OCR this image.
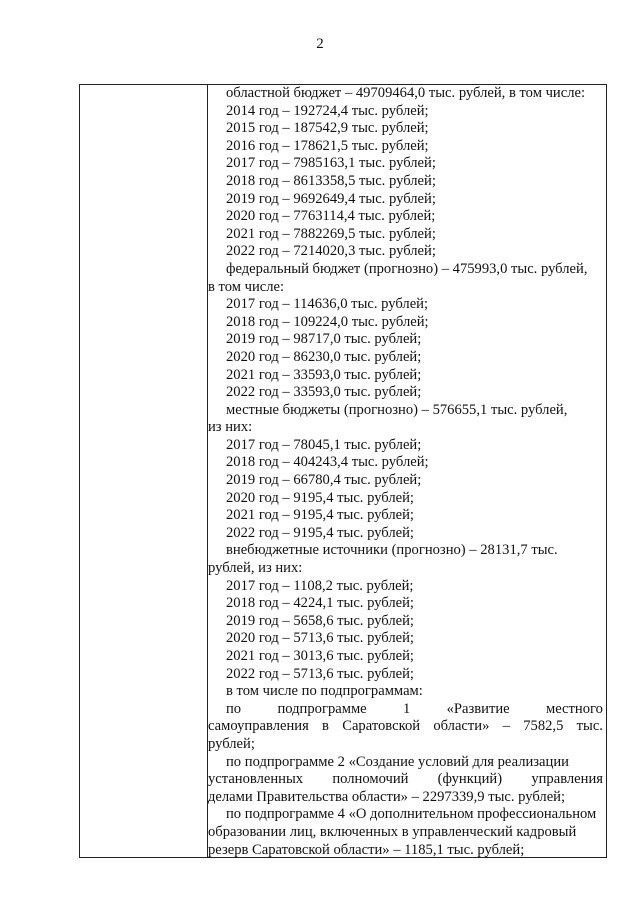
2

областной бюджет – 49709464,0 тыс. рублей, в том числе:

2014 год – 192724,4 тыс. рублей;

2015 год – 187542,9 тыс. рублей;

2016 год – 178621,5 тыс. рублей;

2017 год – 7985163,1 тыс. рублей;

2018 год – 8613358,5 тыс. рублей;

2019 год – 9692649,4 тыс. рублей;

2020 год – 7763114,4 тыс. рублей;

2021 год – 7882269,5 тыс. рублей;

2022 год – 7214020,3 тыс. рублей;

федеральный бюджет (прогнозно) – 475993,0 тыс. рублей,

в том числе:

2017 год – 114636,0 тыс. рублей;

2018 год – 109224,0 тыс. рублей;

2019 год – 98717,0 тыс. рублей;

2020 год – 86230,0 тыс. рублей;

2021 год – 33593,0 тыс. рублей;

2022 год – 33593,0 тыс. рублей;

местные бюджеты (прогнозно) – 576655,1 тыс. рублей,

из них:

2017 год – 78045,1 тыс. рублей;

2018 год – 404243,4 тыс. рублей;

2019 год – 66780,4 тыс. рублей;

2020 год – 9195,4 тыс. рублей;

2021 год – 9195,4 тыс. рублей;

2022 год – 9195,4 тыс. рублей;

внебюджетные источники (прогнозно) – 28131,7 тыс.

рублей, из них:

2017 год – 1108,2 тыс. рублей;

2018 год – 4224,1 тыс. рублей;

2019 год – 5658,6 тыс. рублей;

2020 год – 5713,6 тыс. рублей;

2021 год – 3013,6 тыс. рублей;

2022 год – 5713,6 тыс. рублей;

в том числе по подпрограммам:

по подпрограмме 1 «Развитие местного

самоуправления в Саратовской области» – 7582,5 тыс.

рублей;

по подпрограмме 2 «Создание условий для реализации

установленных полномочий (функций) управления

делами Правительства области» – 2297339,9 тыс. рублей;

по подпрограмме 4 «О дополнительном профессиональном

образовании лиц, включенных в управленческий кадровый

резерв Саратовской области» – 1185,1 тыс. рублей;
